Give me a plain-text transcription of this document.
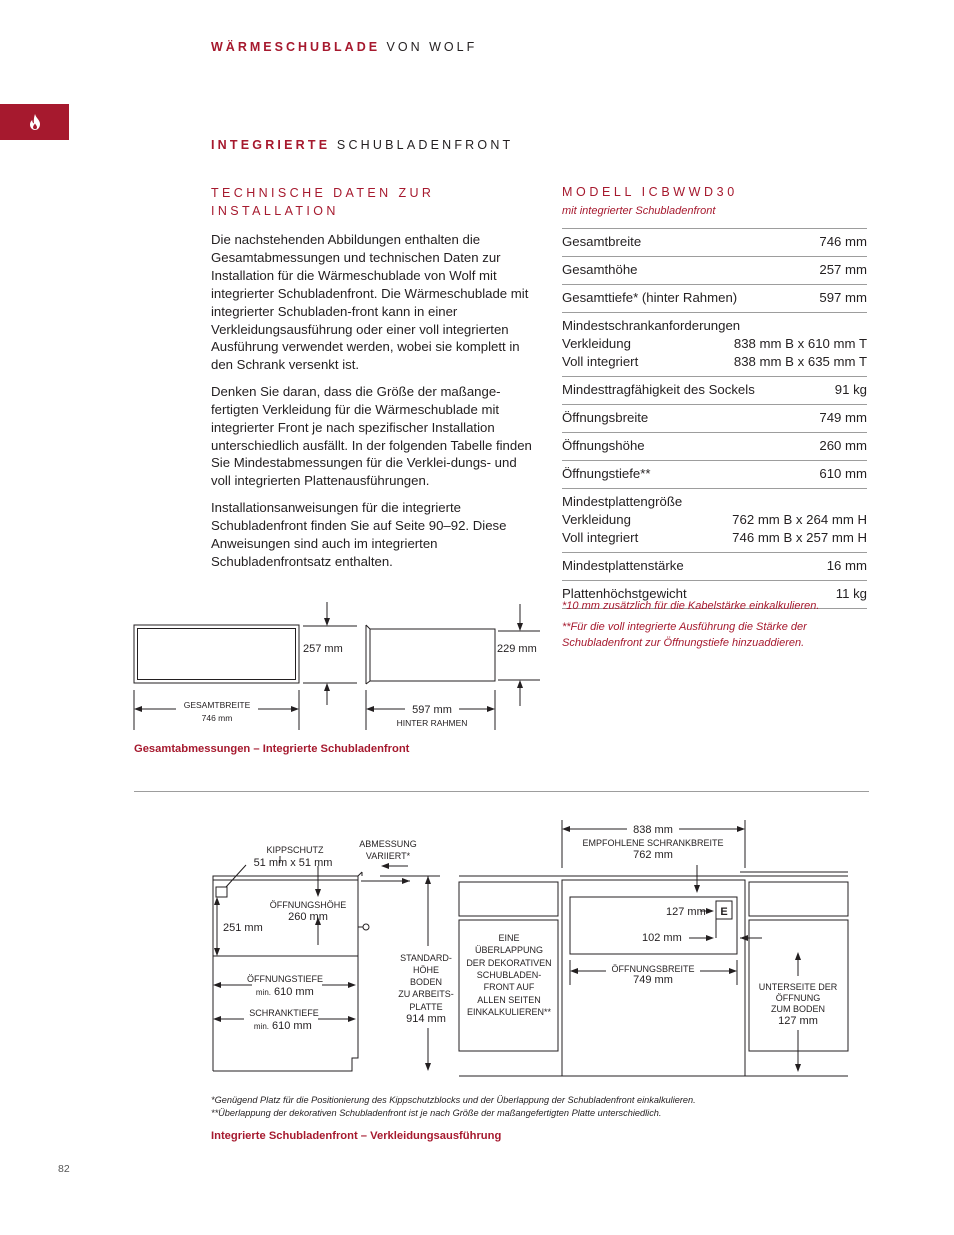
WÄRMESCHUBLADE VON WOLF
INTEGRIERTE SCHUBLADENFRONT
TECHNISCHE DATEN ZUR
INSTALLATION

Die nachstehenden Abbildungen enthalten die Gesamtabmessungen und technischen Daten zur Installation für die Wärmeschublade von Wolf mit integrierter Schubladenfront. Die Wärmeschublade mit integrierter Schubladen-front kann in einer Verkleidungsausführung oder einer voll integrierten Ausführung verwendet werden, wobei sie komplett in den Schrank versenkt ist.

Denken Sie daran, dass die Größe der maßange-fertigten Verkleidung für die Wärmeschublade mit integrierter Front je nach spezifischer Installation unterschiedlich ausfällt. In der folgenden Tabelle finden Sie Mindestabmessungen für die Verklei-dungs- und voll integrierten Plattenausführungen.

Installationsanweisungen für die integrierte Schubladenfront finden Sie auf Seite 90–92. Diese Anweisungen sind auch im integrierten Schubladenfrontsatz enthalten.

MODELL ICBWWD30
mit integrierter Schubladenfront
Gesamtbreite	746 mm
Gesamthöhe	257 mm
Gesamttiefe* (hinter Rahmen)	597 mm
Mindestschrankanforderungen
Verkleidung	838 mm B x 610 mm T
Voll integriert	838 mm B x 635 mm T
Mindesttragfähigkeit des Sockels	91 kg
Öffnungsbreite	749 mm
Öffnungshöhe	260 mm
Öffnungstiefe**	610 mm
Mindestplattengröße
Verkleidung	762 mm B x 264 mm H
Voll integriert	746 mm B x 257 mm H
Mindestplattenstärke	16 mm
Plattenhöchstgewicht	11 kg

*10 mm zusätzlich für die Kabelstärke einkalkulieren.

**Für die voll integrierte Ausführung die Stärke der
Schubladenfront zur Öffnungstiefe hinzuaddieren.

257 mm	229 mm
GESAMTBREITE
746 mm
597 mm
HINTER RAHMEN
Gesamtabmessungen – Integrierte Schubladenfront
KIPPSCHUTZ
51 mm x 51 mm
ABMESSUNG
VARIIERT*
ÖFFNUNGSHÖHE
260 mm
251 mm
ÖFFNUNGSTIEFE
min. 610 mm
SCHRANKTIEFE
min. 610 mm
STANDARD-
HÖHE
BODEN
ZU ARBEITS-
PLATTE
914 mm
EINE
ÜBERLAPPUNG
DER DEKORATIVEN
SCHUBLADEN-
FRONT AUF
ALLEN SEITEN
EINKALKULIEREN**
838 mm
EMPFOHLENE SCHRANKBREITE
762 mm
127 mm E
102 mm
ÖFFNUNGSBREITE
749 mm
UNTERSEITE DER
ÖFFNUNG
ZUM BODEN
127 mm
*Genügend Platz für die Positionierung des Kippschutzblocks und der Überlappung der Schubladenfront einkalkulieren.
**Überlappung der dekorativen Schubladenfront ist je nach Größe der maßangefertigten Platte unterschiedlich.
Integrierte Schubladenfront – Verkleidungsausführung
82
